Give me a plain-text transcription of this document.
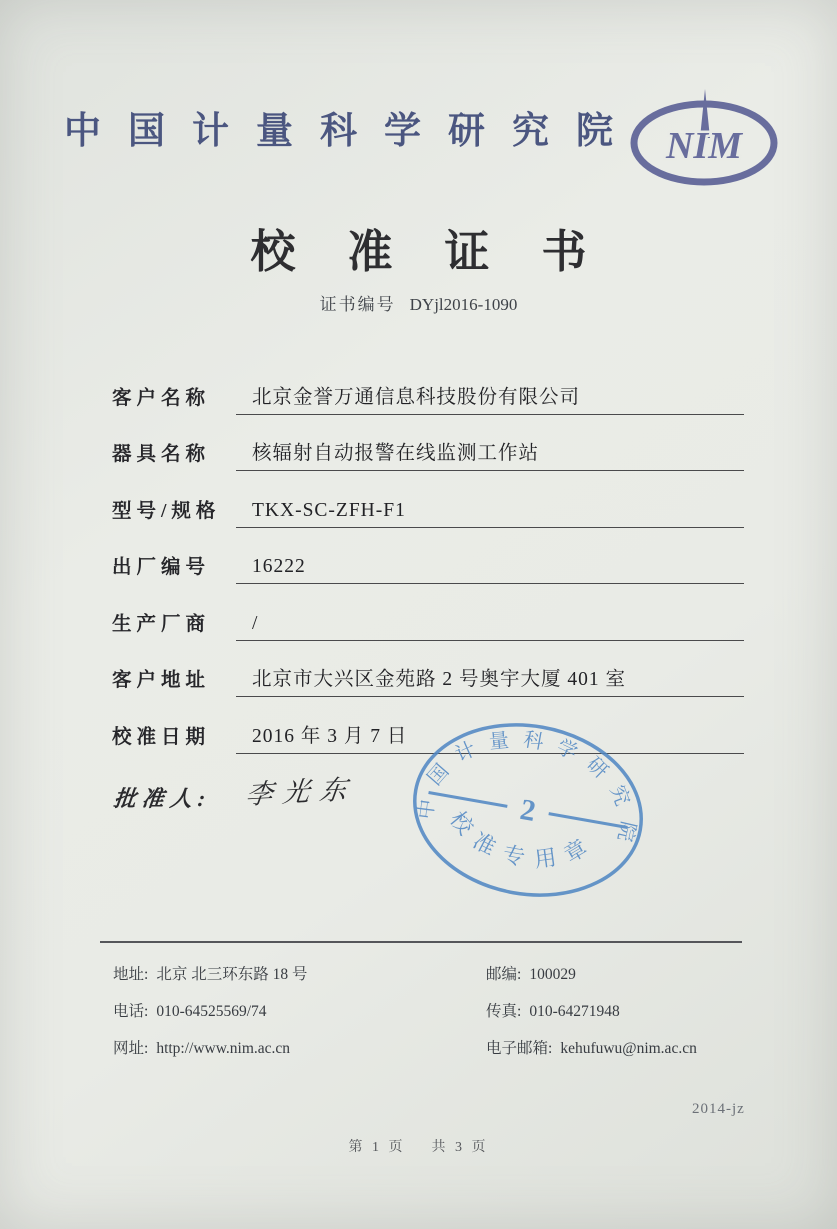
中国计量科学研究院 NIM
校准证书
证书编号 DYjl2016-1090
客户名称	北京金誉万通信息科技股份有限公司
器具名称	核辐射自动报警在线监测工作站
型号/规格	TKX-SC-ZFH-F1
出厂编号	16222
生产厂商	/
客户地址	北京市大兴区金苑路 2 号奥宇大厦 401 室
校准日期	2016 年 3 月 7 日
批准人: 李光东	中国计量科学研究院
2
校准专用章
地址: 北京 北三环东路 18 号	邮编: 100029
电话: 010-64525569/74	传真: 010-64271948
网址: http://www.nim.ac.cn	电子邮箱: kehufuwu@nim.ac.cn
2014-jz
第 1 页 共 3 页
